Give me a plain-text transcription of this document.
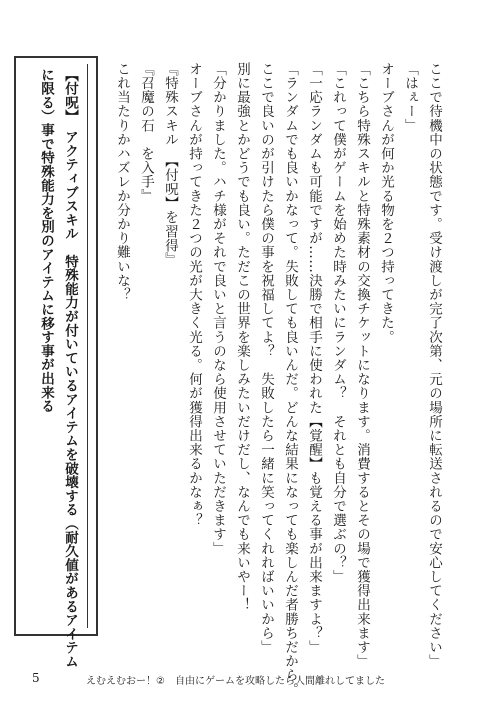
ここで待機中の状態です。受け渡しが完了次第、元の場所に転送されるので安心してください」
「はぇー」
オーブさんが何か光る物を２つ持ってきた。
「こちら特殊スキルと特殊素材の交換チケットになります。消費するとその場で獲得出来ます」
「これって僕がゲームを始めた時みたいにランダム？　それとも自分で選ぶの？」
「一応ランダムも可能ですが……決勝で相手に使われた【覚醒】も覚える事が出来ますよ？」
「ランダムでも良いかなって。失敗しても良いんだ。どんな結果になっても楽しんだ者勝ちだから。
ここで良いのが引けたら僕の事を祝福してよ？　失敗したら一緒に笑ってくれればいいから」
別に最強とかどうでも良い。ただこの世界を楽しみたいだけだし、なんでも来いやー！
「分かりました。ハチ様がそれで良いと言うのなら使用させていただきます」
オーブさんが持ってきた２つの光が大きく光る。何が獲得出来るかなぁ？
『特殊スキル　【付呪】を習得』
『召魔の石　を入手』
これ当たりかハズレか分かり難いな？
【付呪】　アクティブスキル　特殊能力が付いているアイテムを破壊する（耐久値があるアイテム
に限る）事で特殊能力を別のアイテムに移す事が出来る
5	えむえむおー！②　自由にゲームを攻略したら人間離れしてました
